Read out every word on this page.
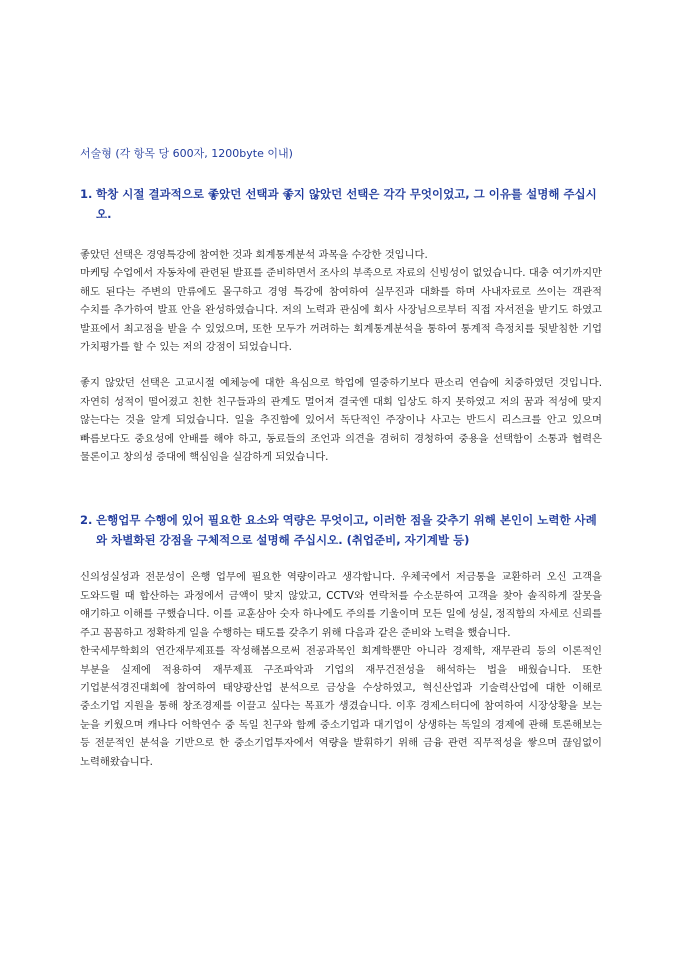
서술형 (각 항목 당 600자, 1200byte 이내)

1. 학창 시절 결과적으로 좋았던 선택과 좋지 않았던 선택은 각각 무엇이었고, 그 이유를 설명해 주십시오.

좋았던 선택은 경영특강에 참여한 것과 회계통계분석 과목을 수강한 것입니다.
마케팅 수업에서 자동차에 관련된 발표를 준비하면서 조사의 부족으로 자료의 신빙성이 없었습니다. 대충 여기까지만 해도 된다는 주변의 만류에도 몰구하고 경영 특강에 참여하여 실무진과 대화를 하며 사내자료로 쓰이는 객관적 수치를 추가하여 발표 안을 완성하였습니다. 저의 노력과 관심에 회사 사장님으로부터 직접 자서전을 받기도 하였고 발표에서 최고점을 받을 수 있었으며, 또한 모두가 꺼려하는 회계통계분석을 통하여 통계적 측정치를 뒷받침한 기업 가치평가를 할 수 있는 저의 강점이 되었습니다.

좋지 않았던 선택은 고교시절 예체능에 대한 욕심으로 학업에 열중하기보다 판소리 연습에 치중하였던 것입니다. 자연히 성적이 떨어졌고 친한 친구들과의 관계도 멀어져 결국엔 대회 입상도 하지 못하였고 저의 꿈과 적성에 맞지 않는다는 것을 알게 되었습니다. 일을 추진함에 있어서 독단적인 주장이나 사고는 반드시 리스크를 안고 있으며 빠름보다도 중요성에 안배를 해야 하고, 동료들의 조언과 의견을 겸허히 경청하여 중용을 선택함이 소통과 협력은 물론이고 창의성 증대에 핵심임을 실감하게 되었습니다.

2. 은행업무 수행에 있어 필요한 요소와 역량은 무엇이고, 이러한 점을 갖추기 위해 본인이 노력한 사례와 차별화된 강점을 구체적으로 설명해 주십시오. (취업준비, 자기계발 등)

신의성실성과 전문성이 은행 업무에 필요한 역량이라고 생각합니다. 우체국에서 저금통을 교환하러 오신 고객을 도와드릴 때 합산하는 과정에서 금액이 맞지 않았고, CCTV와 연락처를 수소문하여 고객을 찾아 솔직하게 잘못을 얘기하고 이해를 구했습니다. 이를 교훈삼아 숫자 하나에도 주의를 기울이며 모든 일에 성실, 정직함의 자세로 신뢰를 주고 꼼꼼하고 정확하게 일을 수행하는 태도를 갖추기 위해 다음과 같은 준비와 노력을 했습니다.
한국세무학회의 연간재무제표를 작성해봄으로써 전공과목인 회계학뿐만 아니라 경제학, 재무관리 등의 이론적인 부분을 실제에 적용하여 재무제표 구조파악과 기업의 재무건전성을 해석하는 법을 배웠습니다. 또한 기업분석경진대회에 참여하여 태양광산업 분석으로 금상을 수상하였고, 혁신산업과 기술력산업에 대한 이해로 중소기업 지원을 통해 창조경제를 이끌고 싶다는 목표가 생겼습니다. 이후 경제스터디에 참여하여 시장상황을 보는 눈을 키웠으며 캐나다 어학연수 중 독일 친구와 함께 중소기업과 대기업이 상생하는 독일의 경제에 관해 토론해보는 등 전문적인 분석을 기반으로 한 중소기업투자에서 역량을 발휘하기 위해 금융 관련 직무적성을 쌓으며 끊임없이 노력해왔습니다.
